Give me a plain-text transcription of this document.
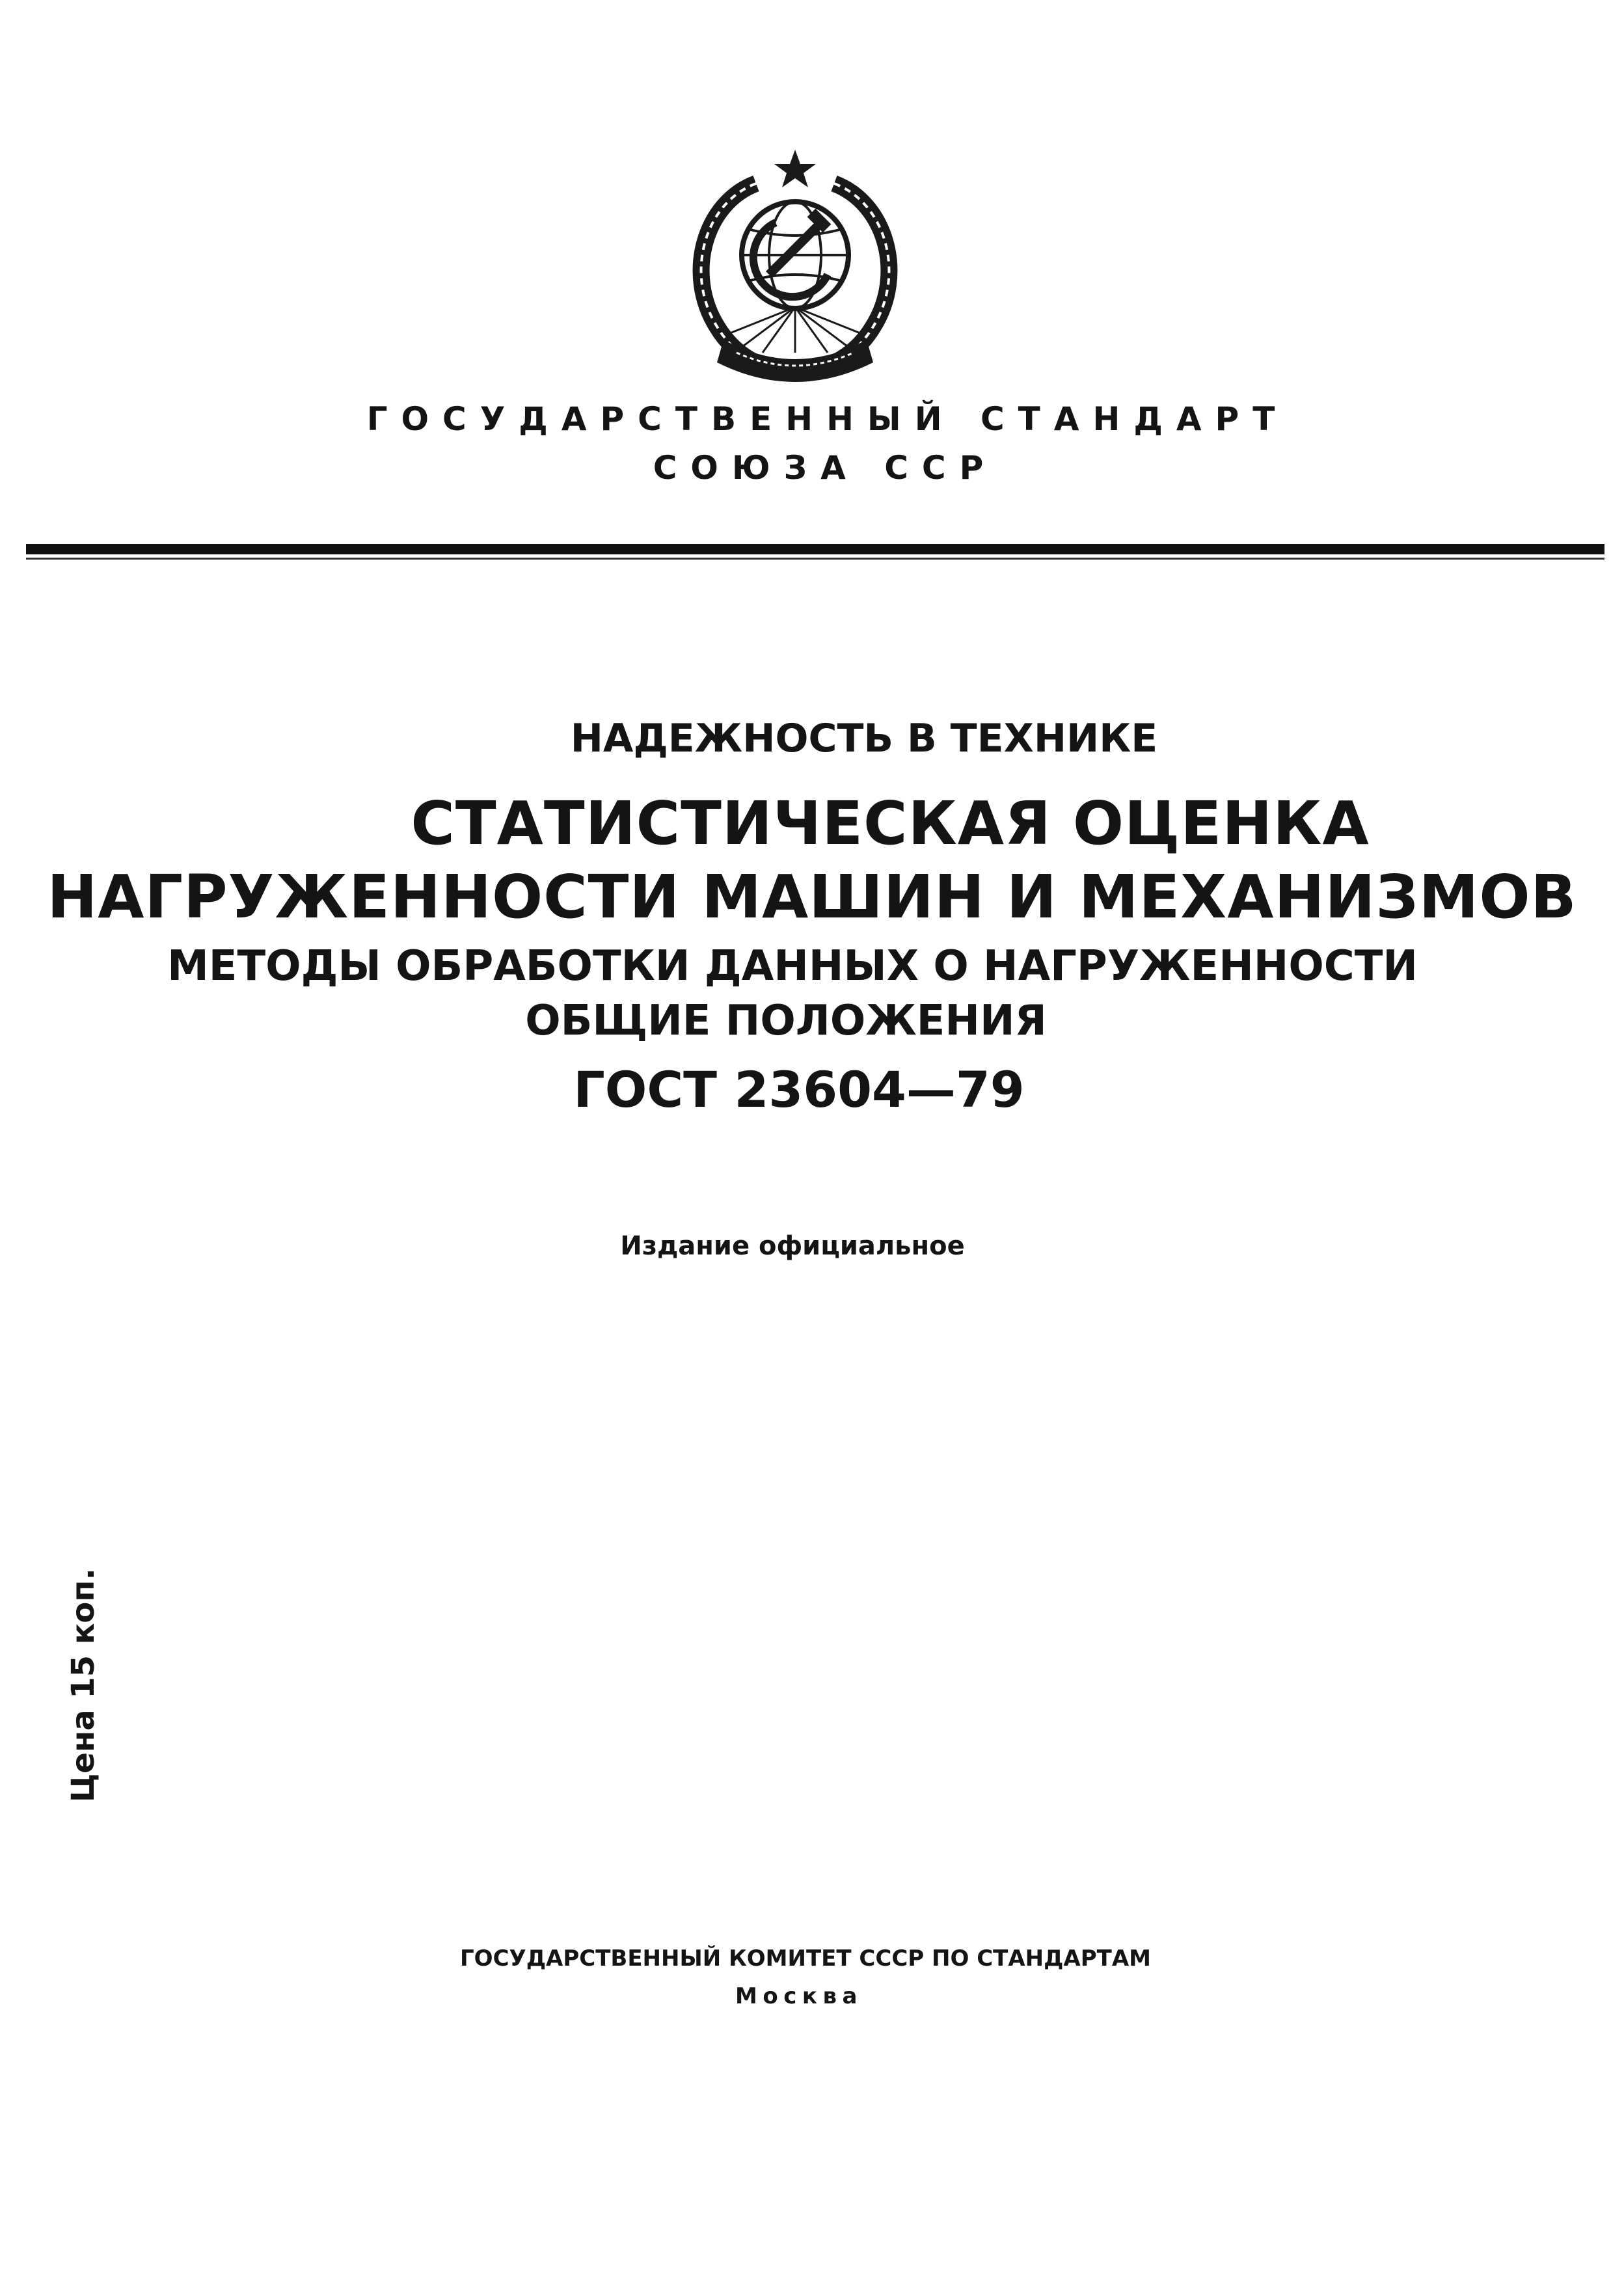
ГОСУДАРСТВЕННЫЙ СТАНДАРТ
СОЮЗА ССР
НАДЕЖНОСТЬ В ТЕХНИКЕ
СТАТИСТИЧЕСКАЯ ОЦЕНКА
НАГРУЖЕННОСТИ МАШИН И МЕХАНИЗМОВ
МЕТОДЫ ОБРАБОТКИ ДАННЫХ О НАГРУЖЕННОСТИ
ОБЩИЕ ПОЛОЖЕНИЯ
ГОСТ 23604—79
Издание официальное
Цена 15 коп.
ГОСУДАРСТВЕННЫЙ КОМИТЕТ СССР ПО СТАНДАРТАМ
Москва
